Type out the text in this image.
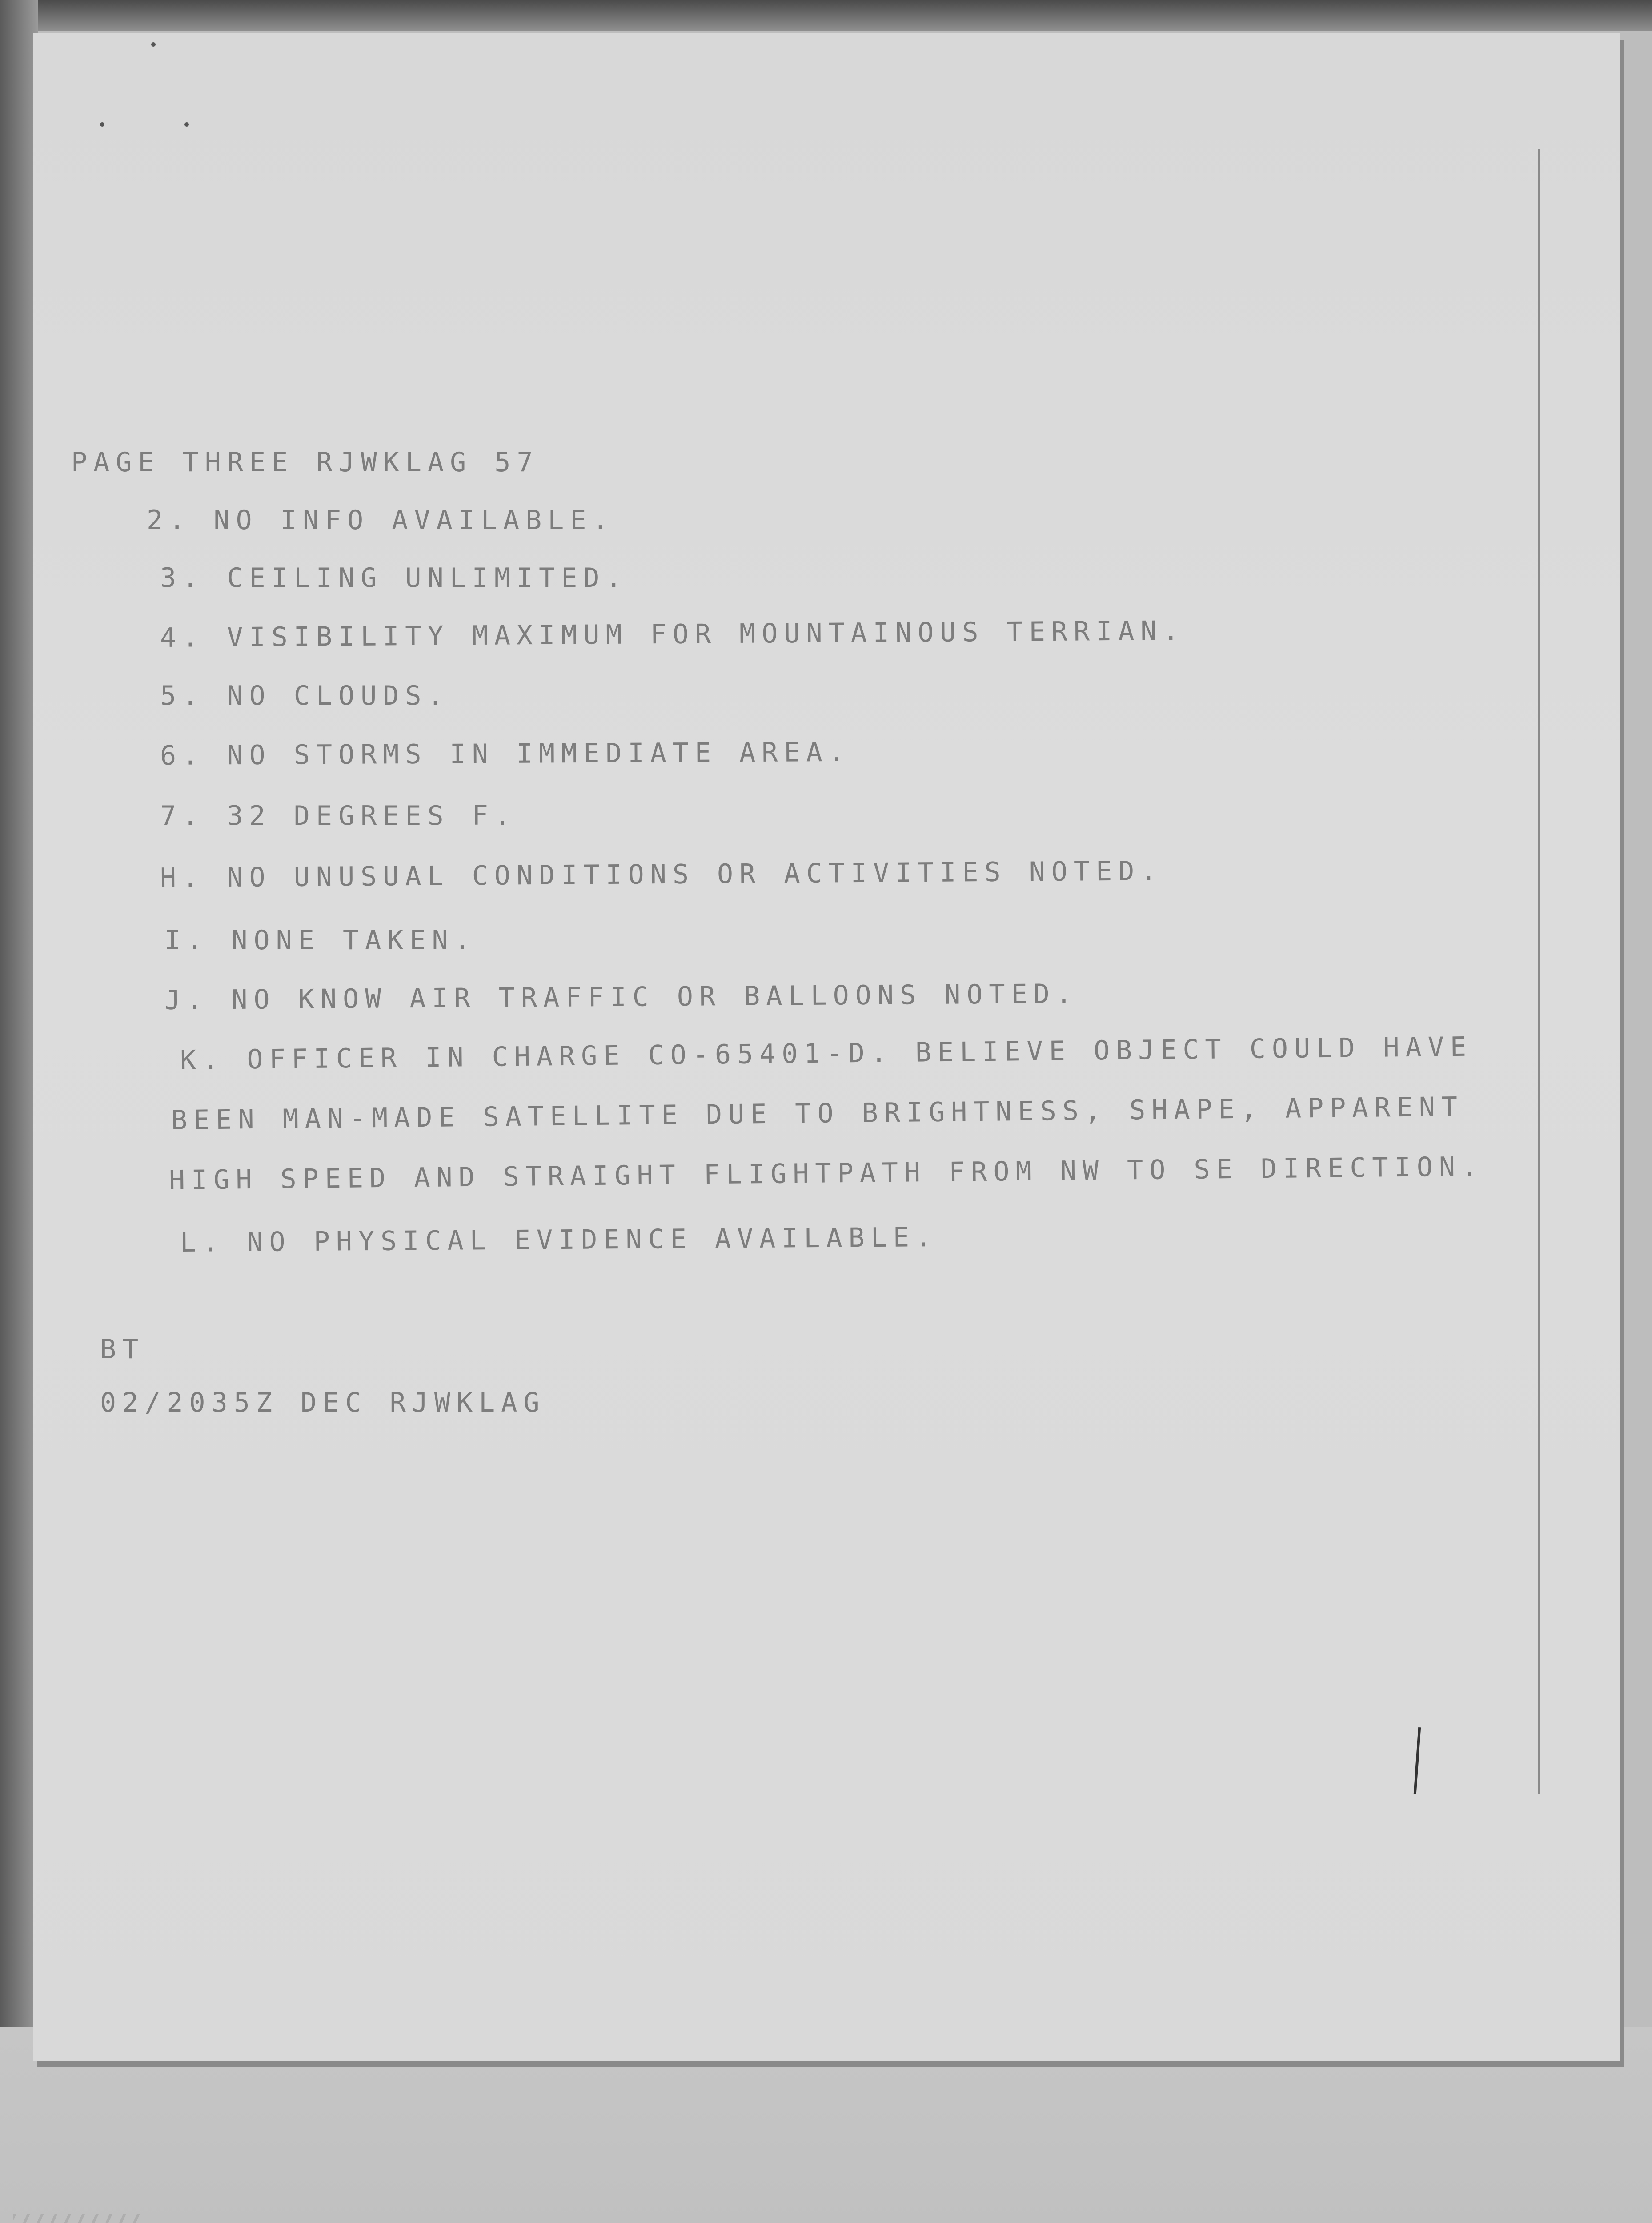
PAGE THREE RJWKLAG 57
2. NO INFO AVAILABLE.
3. CEILING UNLIMITED.
4. VISIBILITY MAXIMUM FOR MOUNTAINOUS TERRIAN.
5. NO CLOUDS.
6. NO STORMS IN IMMEDIATE AREA.
7. 32 DEGREES F.
H. NO UNUSUAL CONDITIONS OR ACTIVITIES NOTED.
I. NONE TAKEN.
J. NO KNOW AIR TRAFFIC OR BALLOONS NOTED.
K. OFFICER IN CHARGE CO-65401-D. BELIEVE OBJECT COULD HAVE
BEEN MAN-MADE SATELLITE DUE TO BRIGHTNESS, SHAPE, APPARENT
HIGH SPEED AND STRAIGHT FLIGHTPATH FROM NW TO SE DIRECTION.
L. NO PHYSICAL EVIDENCE AVAILABLE.
BT
02/2035Z DEC RJWKLAG
